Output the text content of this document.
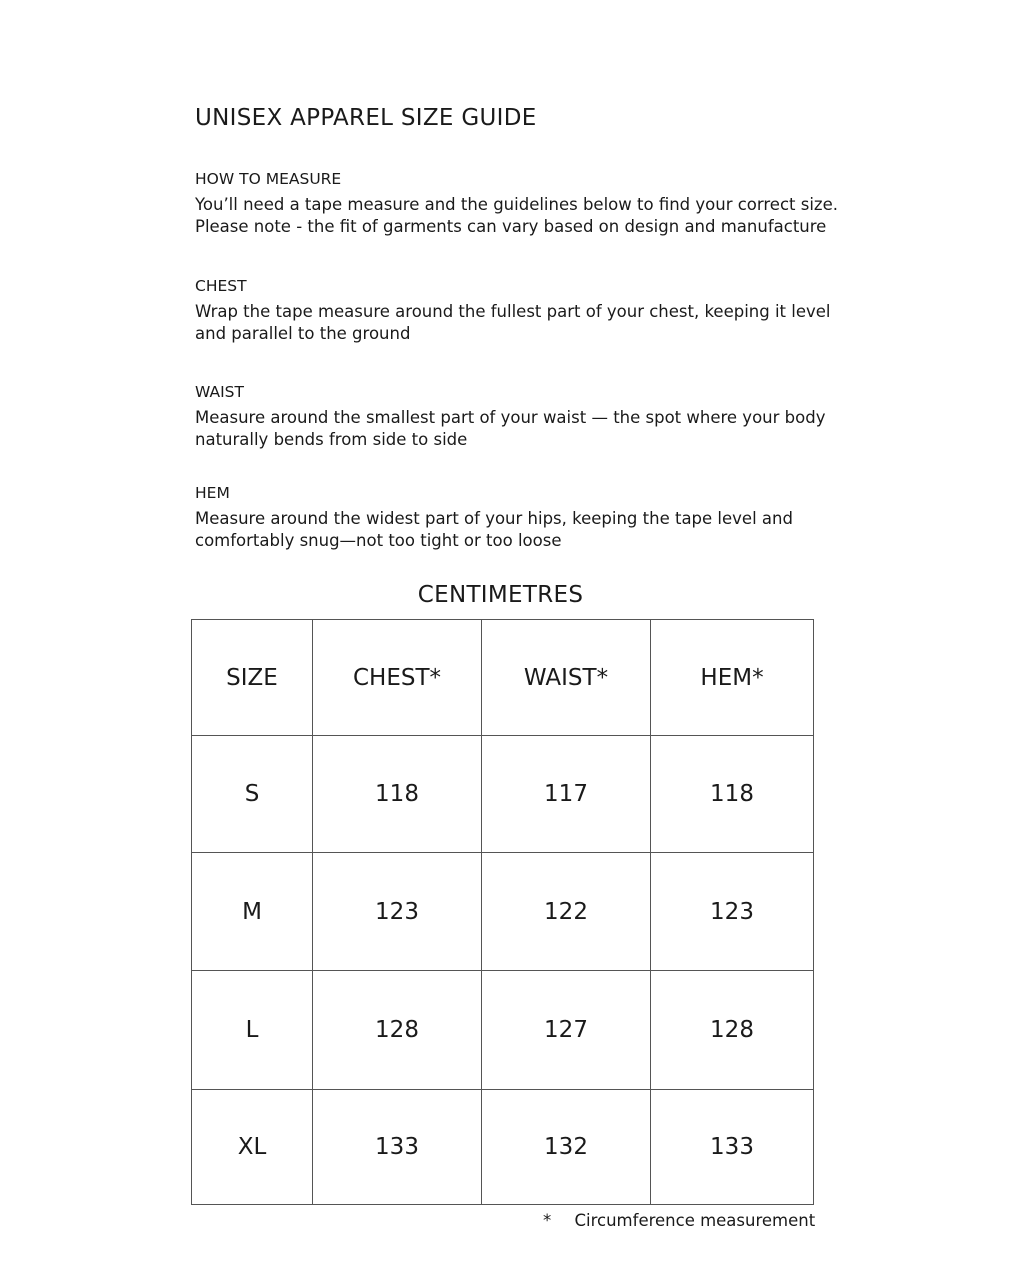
UNISEX APPAREL SIZE GUIDE
HOW TO MEASURE

You’ll need a tape measure and the guidelines below to find your correct size.
Please note - the fit of garments can vary based on design and manufacture

CHEST

Wrap the tape measure around the fullest part of your chest, keeping it level
and parallel to the ground

WAIST

Measure around the smallest part of your waist — the spot where your body
naturally bends from side to side

HEM

Measure around the widest part of your hips, keeping the tape level and
comfortably snug—not too tight or too loose

CENTIMETRES
SIZE	CHEST*	WAIST*	HEM*
S	118	117	118
M	123	122	123
L	128	127	128
XL	133	132	133
* Circumference measurement
